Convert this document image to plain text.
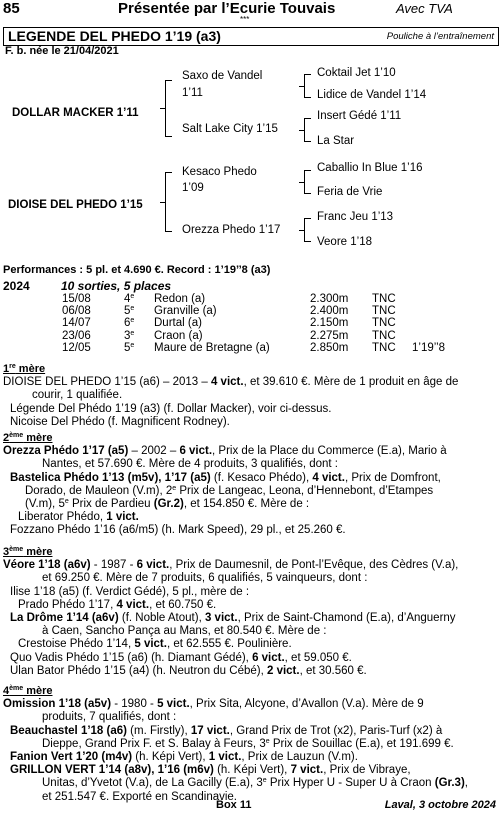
85	Présentée par l’Ecurie Touvais
***
Avec TVA
LEGENDE DEL PHEDO 1’19 (a3)	Pouliche à l’entraînement
F. b. née le 21/04/2021
DOLLAR MACKER 1’11
DIOISE DEL PHEDO 1’15
Saxo de Vandel
1’11
Salt Lake City 1’15
Kesaco Phedo
1’09
Orezza Phedo 1’17
Coktail Jet 1’10
Lidice de Vandel 1’14
Insert Gédé 1’11
La Star
Caballio In Blue 1’16
Feria de Vrie
Franc Jeu 1’13
Veore 1’18
Performances : 5 pl. et 4.690 €. Record : 1’19’’8 (a3)
2024	10 sorties, 5 places
15/08	4e	Redon (a)	2.300m	TNC	
06/08	5e	Granville (a)	2.400m	TNC	
14/07	6e	Durtal (a)	2.150m	TNC	
23/06	3e	Craon (a)	2.275m	TNC	
12/05	5e	Maure de Bretagne (a)	2.850m	TNC	1’19’’8
1re mère
DIOISE DEL PHEDO 1’15 (a6) – 2013 – 4 vict., et 39.610 €. Mère de 1 produit en âge de
courir, 1 qualifiée.
Légende Del Phédo 1’19 (a3) (f. Dollar Macker), voir ci-dessus.
Nicoise Del Phédo (f. Magnificent Rodney).
2ème mère
Orezza Phédo 1’17 (a5) – 2002 – 6 vict., Prix de la Place du Commerce (E.a), Mario à
Nantes, et 57.690 €. Mère de 4 produits, 3 qualifiés, dont :
Bastelica Phédo 1’13 (m5v), 1’17 (a5) (f. Kesaco Phédo), 4 vict., Prix de Domfront,
Dorado, de Mauleon (V.m), 2e Prix de Langeac, Leona, d’Hennebont, d’Etampes
(V.m), 5e Prix de Pardieu (Gr.2), et 154.850 €. Mère de :
Liberator Phédo, 1 vict.
Fozzano Phédo 1’16 (a6/m5) (h. Mark Speed), 29 pl., et 25.260 €.
3ème mère
Véore 1’18 (a6v) - 1987 - 6 vict., Prix de Daumesnil, de Pont-l’Evêque, des Cèdres (V.a),
et 69.250 €. Mère de 7 produits, 6 qualifiés, 5 vainqueurs, dont :
Ilise 1’18 (a5) (f. Verdict Gédé), 5 pl., mère de :
Prado Phédo 1’17, 4 vict., et 60.750 €.
La Drôme 1’14 (a6v) (f. Noble Atout), 3 vict., Prix de Saint-Chamond (E.a), d’Anguerny
à Caen, Sancho Pança au Mans, et 80.540 €. Mère de :
Crestoise Phédo 1’14, 5 vict., et 62.555 €. Poulinière.
Quo Vadis Phédo 1’15 (a6) (h. Diamant Gédé), 6 vict., et 59.050 €.
Ulan Bator Phédo 1’15 (a4) (h. Neutron du Cébé), 2 vict., et 30.560 €.
4ème mère
Omission 1’18 (a5v) - 1980 - 5 vict., Prix Sita, Alcyone, d’Avallon (V.a). Mère de 9
produits, 7 qualifiés, dont :
Beauchastel 1’18 (a6) (m. Firstly), 17 vict., Grand Prix de Trot (x2), Paris-Turf (x2) à
Dieppe, Grand Prix F. et S. Balay à Feurs, 3e Prix de Souillac (E.a), et 191.699 €.
Fanion Vert 1’20 (m4v) (h. Képi Vert), 1 vict., Prix de Lauzun (V.m).
GRILLON VERT 1’14 (a8v), 1’16 (m6v) (h. Képi Vert), 7 vict., Prix de Vibraye,
Unitas, d’Yvetot (V.a), de La Gacilly (E.a), 3e Prix Hyper U - Super U à Craon (Gr.3),
et 251.547 €. Exporté en Scandinavie.
Box 11	Laval, 3 octobre 2024
